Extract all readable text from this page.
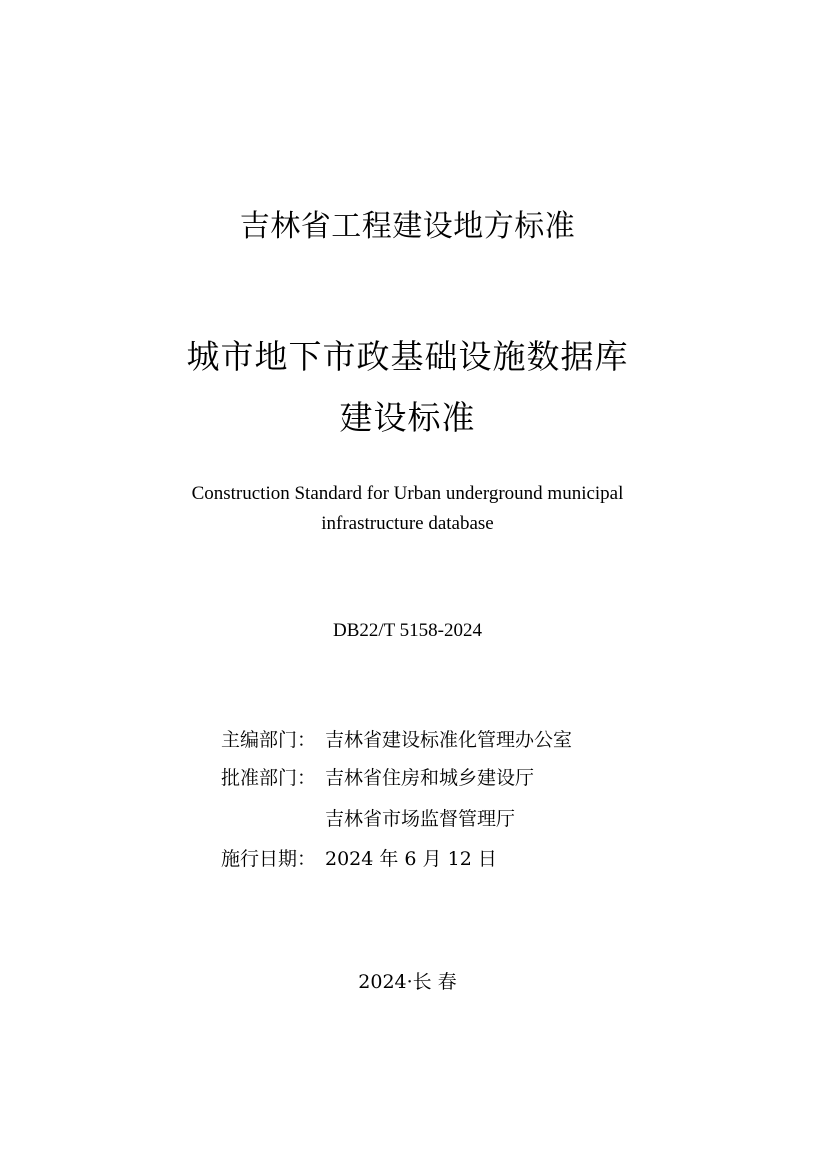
吉林省工程建设地方标准
城市地下市政基础设施数据库
建设标准
Construction Standard for Urban underground municipal
infrastructure database
DB22/T 5158-2024
主编部门： 吉林省建设标准化管理办公室
批准部门： 吉林省住房和城乡建设厅
吉林省市场监督管理厅
施行日期： 2024 年 6 月 12 日
2024·长 春
